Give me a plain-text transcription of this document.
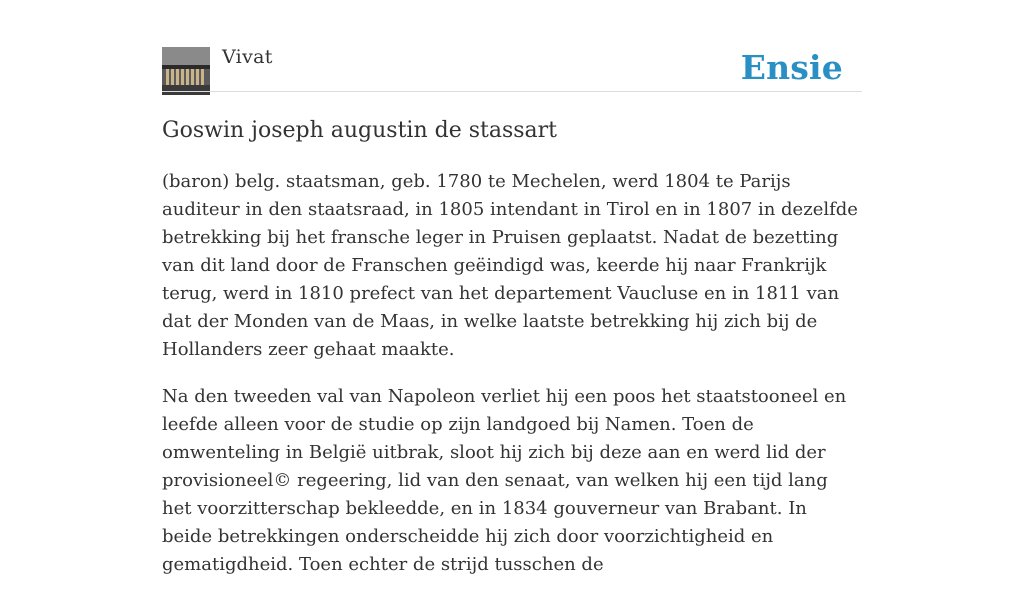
Vivat	Ensie
Goswin joseph augustin de stassart

(baron) belg. staatsman, geb. 1780 te Mechelen, werd 1804 te Parijs auditeur in den staatsraad, in 1805 intendant in Tirol en in 1807 in dezelfde betrekking bij het fransche leger in Pruisen geplaatst. Nadat de bezetting van dit land door de Franschen geëindigd was, keerde hij naar Frankrijk terug, werd in 1810 prefect van het departement Vaucluse en in 1811 van dat der Monden van de Maas, in welke laatste betrekking hij zich bij de Hollanders zeer gehaat maakte.

Na den tweeden val van Napoleon verliet hij een poos het staatstooneel en leefde alleen voor de studie op zijn landgoed bij Namen. Toen de omwenteling in België uitbrak, sloot hij zich bij deze aan en werd lid der provisioneel© regeering, lid van den senaat, van welken hij een tijd lang het voorzitterschap bekleedde, en in 1834 gouverneur van Brabant. In beide betrekkingen onderscheidde hij zich door voorzichtigheid en gematigdheid. Toen echter de strijd tusschen de
